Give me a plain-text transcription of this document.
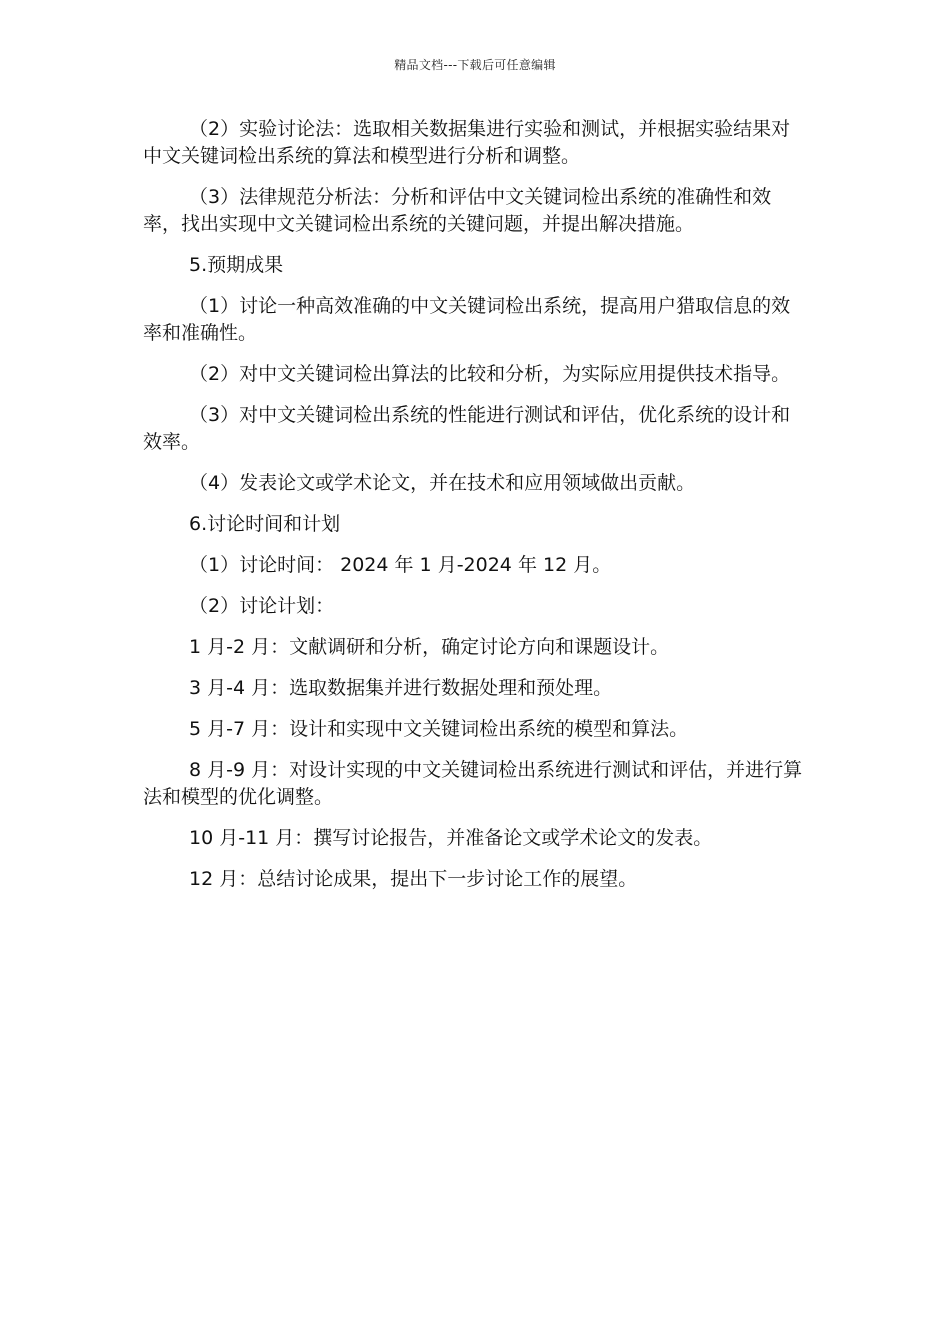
精品文档---下载后可任意编辑

（2）实验讨论法：选取相关数据集进行实验和测试，并根据实验结果对中文关键词检出系统的算法和模型进行分析和调整。

（3）法律规范分析法：分析和评估中文关键词检出系统的准确性和效率，找出实现中文关键词检出系统的关键问题，并提出解决措施。

5.预期成果

（1）讨论一种高效准确的中文关键词检出系统，提高用户猎取信息的效率和准确性。

（2）对中文关键词检出算法的比较和分析，为实际应用提供技术指导。

（3）对中文关键词检出系统的性能进行测试和评估，优化系统的设计和效率。

（4）发表论文或学术论文，并在技术和应用领域做出贡献。

6.讨论时间和计划

（1）讨论时间： 2024 年 1 月-2024 年 12 月。

（2）讨论计划：

1 月-2 月：文献调研和分析，确定讨论方向和课题设计。

3 月-4 月：选取数据集并进行数据处理和预处理。

5 月-7 月：设计和实现中文关键词检出系统的模型和算法。

8 月-9 月：对设计实现的中文关键词检出系统进行测试和评估，并进行算法和模型的优化调整。

10 月-11 月：撰写讨论报告，并准备论文或学术论文的发表。

12 月：总结讨论成果，提出下一步讨论工作的展望。
